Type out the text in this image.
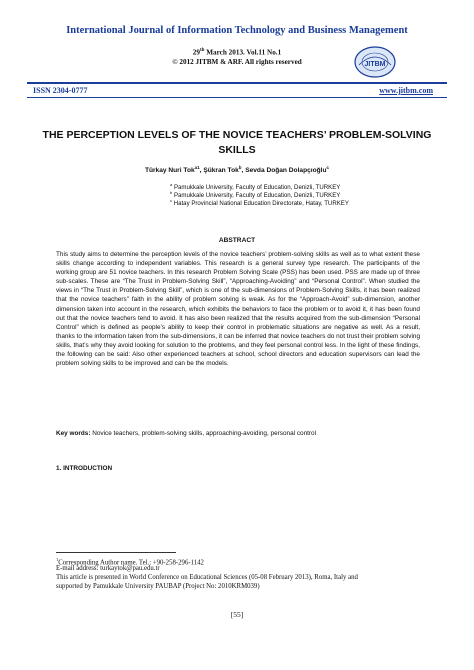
International Journal of Information Technology and Business Management
29th March 2013. Vol.11 No.1
© 2012 JITBM & ARF. All rights reserved	JITBM
ISSN 2304-0777	www.jitbm.com
THE PERCEPTION LEVELS OF THE NOVICE TEACHERS’ PROBLEM-SOLVING SKILLS
Türkay Nuri Tok$^{a1}$, Şükran Tok$^b$, Sevda Doğan Dolapçıoğlu$^c$
$^a$ Pamukkale University, Faculty of Education, Denizli, TURKEY
$^b$ Pamukkale University, Faculty of Education, Denizli, TURKEY
$^c$ Hatay Provincial National Education Directorate, Hatay, TURKEY
ABSTRACT

This study aims to determine the perception levels of the novice teachers’ problem-solving skills as well as to what extent these skills change according to independent variables. This research is a general survey type research. The participants of the working group are 51 novice teachers. In this research Problem Solving Scale (PSS) has been used. PSS are made up of three sub-scales. These are “The Trust in Problem-Solving Skill”, “Approaching-Avoiding” and “Personal Control”. When studied the views in “The Trust in Problem-Solving Skill”, which is one of the sub-dimensions of Problem-Solving Skills, it has been realized that the novice teachers’’ faith in the ability of problem solving is weak. As for the “Approach-Avoid” sub-dimension, another dimension taken into account in the research, which exhibits the behaviors to face the problem or to avoid it, it has been found out that the novice teachers tend to avoid. It has also been realized that the results acquired from the sub-dimension “Personal Control” which is defined as people’s ability to keep their control in problematic situations are negative as well. As a result, thanks to the information taken from the sub-dimensions, it can be inferred that novice teachers do not trust their problem solving skills, that’s why they avoid looking for solution to the problems, and they feel personal control less. In the light of these findings, the following can be said: Also other experienced teachers at school, school directors and education supervisors can lead the problem solving skills to be improved and can be the models.

Key words: Novice teachers, problem-solving skills, approaching-avoiding, personal control
1. INTRODUCTION
$^1$Corresponding Author name. Tel.: +90-258-296-1142
E-mail address: turkaytok@pau.edu.tr
This article is presented in World Conference on Educational Sciences (05-08 February 2013), Roma, Italy and
supported by Pamukkale University PAUBAP (Project No: 2010KRM039)
[55]
